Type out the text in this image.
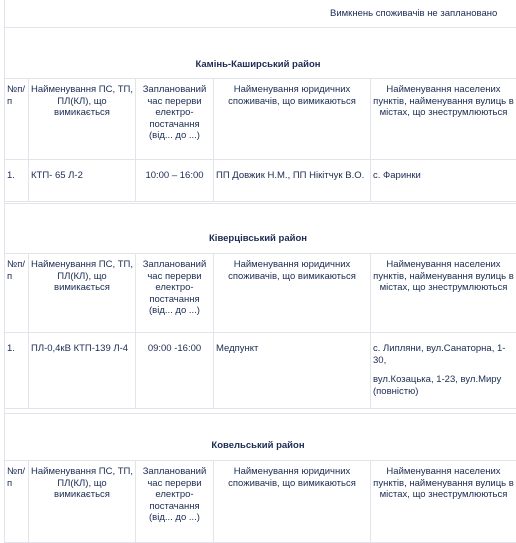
Вимкнень споживачів не заплановано
Камінь-Каширський район
№п/п	Найменування ПС, ТП, ПЛ(КЛ), що вимикається	Запланований час перерви електро-постачання (від... до ...)	Найменування юридичних споживачів, що вимикаються	Найменування населених пунктів, найменування вулиць в містах, що знеструмлюються
1.	КТП- 65 Л-2	10:00 – 16:00	ПП Довжик Н.М., ПП Нікітчук В.О.	с. Фаринки

Ківерцівський район
№п/п	Найменування ПС, ТП, ПЛ(КЛ), що вимикається	Запланований час перерви електро-постачання (від... до ...)	Найменування юридичних споживачів, що вимикаються	Найменування населених пунктів, найменування вулиць в містах, що знеструмлюються
1.	ПЛ-0,4кВ КТП-139 Л-4	09:00 -16:00	Медпункт	с. Липляни, вул.Санаторна, 1-30,

вул.Козацька, 1-23, вул.Миру (повністю)

Ковельський район
№п/п	Найменування ПС, ТП, ПЛ(КЛ), що вимикається	Запланований час перерви електро-постачання (від... до ...)	Найменування юридичних споживачів, що вимикаються	Найменування населених пунктів, найменування вулиць в містах, що знеструмлюються
